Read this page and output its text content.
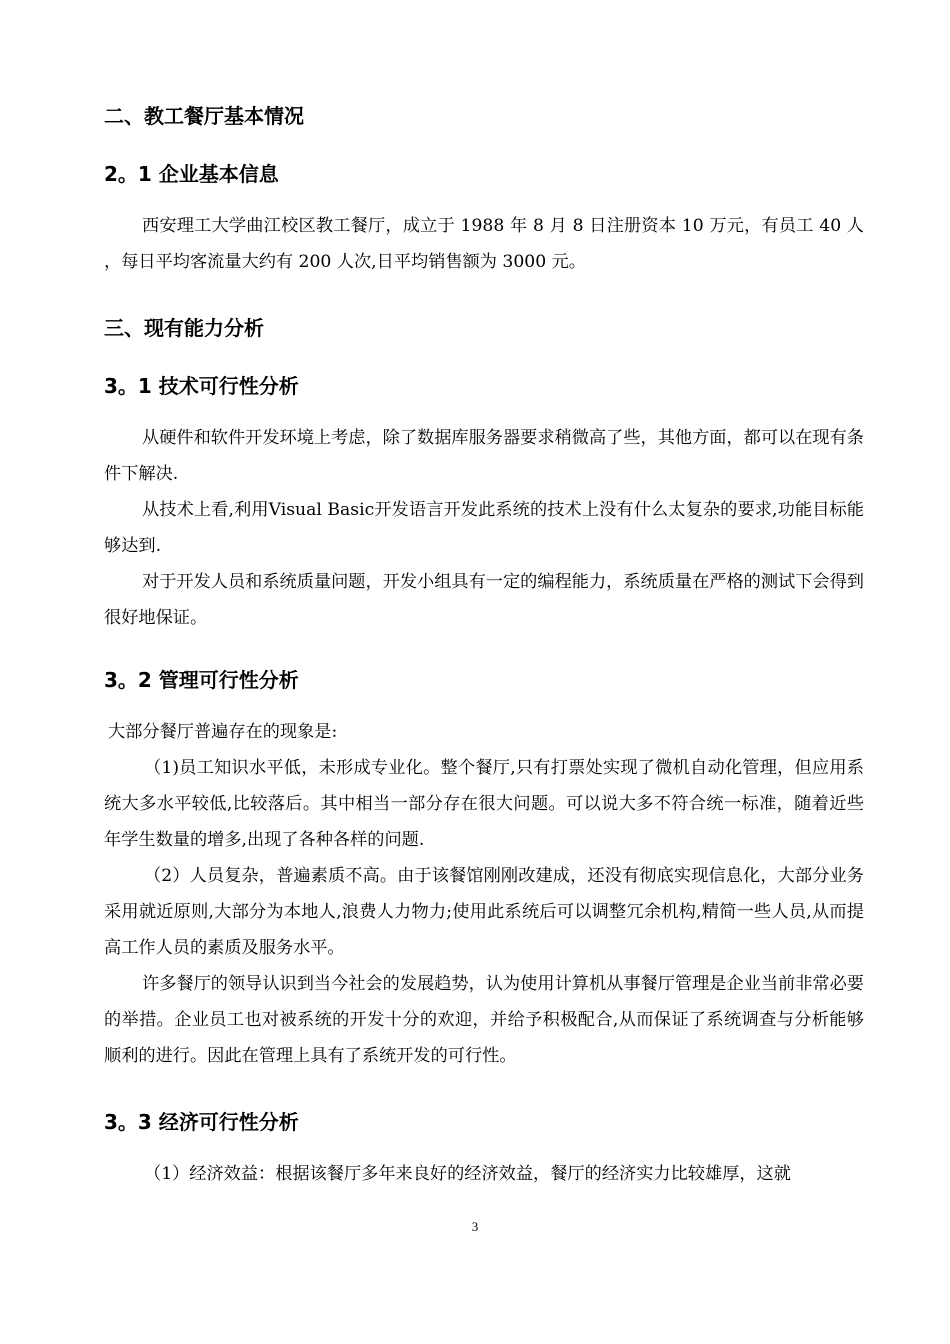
二、教工餐厅基本情况
2。1 企业基本信息

西安理工大学曲江校区教工餐厅，成立于 1988 年 8 月 8 日注册资本 10 万元，有员工 40 人 ，每日平均客流量大约有 200 人次,日平均销售额为 3000 元。

三、现有能力分析
3。1 技术可行性分析

从硬件和软件开发环境上考虑，除了数据库服务器要求稍微高了些，其他方面，都可以在现有条件下解决.

从技术上看,利用Visual Basic开发语言开发此系统的技术上没有什么太复杂的要求,功能目标能够达到.

对于开发人员和系统质量问题，开发小组具有一定的编程能力，系统质量在严格的测试下会得到很好地保证。

3。2 管理可行性分析

大部分餐厅普遍存在的现象是:

（1)员工知识水平低，未形成专业化。整个餐厅,只有打票处实现了微机自动化管理，但应用系统大多水平较低,比较落后。其中相当一部分存在很大问题。可以说大多不符合统一标准，随着近些年学生数量的增多,出现了各种各样的问题.

（2）人员复杂，普遍素质不高。由于该餐馆刚刚改建成，还没有彻底实现信息化，大部分业务采用就近原则,大部分为本地人,浪费人力物力;使用此系统后可以调整冗余机构,精简一些人员,从而提高工作人员的素质及服务水平。

许多餐厅的领导认识到当今社会的发展趋势，认为使用计算机从事餐厅管理是企业当前非常必要的举措。企业员工也对被系统的开发十分的欢迎，并给予积极配合,从而保证了系统调查与分析能够顺利的进行。因此在管理上具有了系统开发的可行性。

3。3 经济可行性分析

（1）经济效益：根据该餐厅多年来良好的经济效益，餐厅的经济实力比较雄厚，这就

3
